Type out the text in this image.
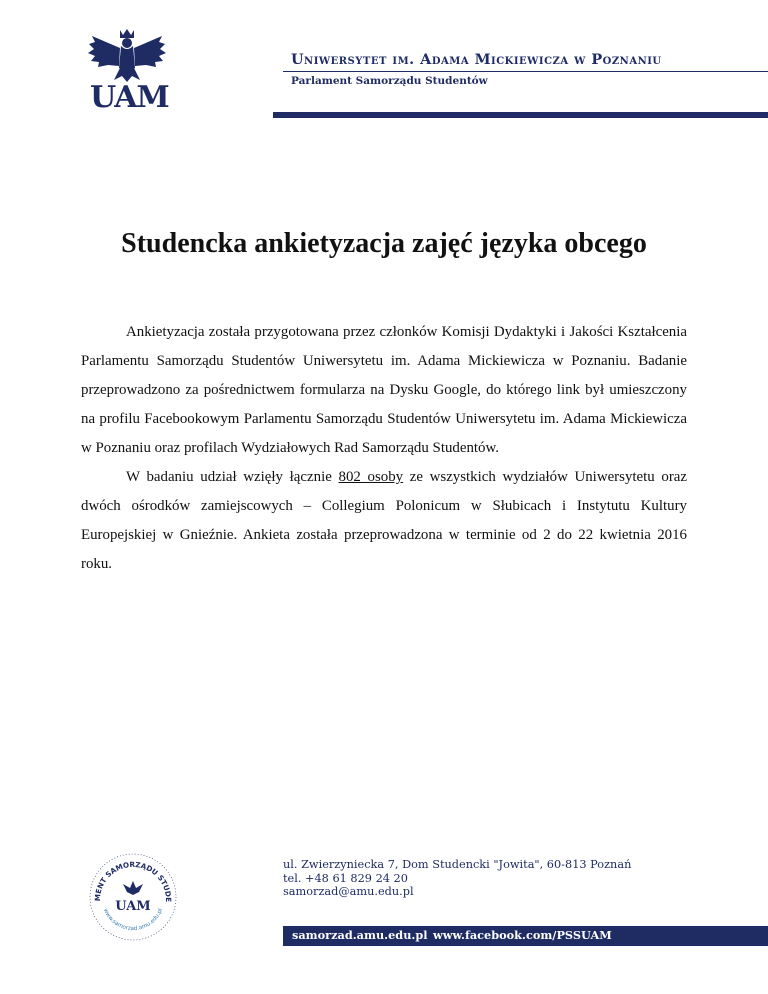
UAM
Uniwersytet im. Adama Mickiewicza w Poznaniu
Parlament Samorządu Studentów
Studencka ankietyzacja zajęć języka obcego

Ankietyzacja została przygotowana przez członków Komisji Dydaktyki i Jakości Kształcenia Parlamentu Samorządu Studentów Uniwersytetu im. Adama Mickiewicza w Poznaniu. Badanie przeprowadzono za pośrednictwem formularza na Dysku Google, do którego link był umieszczony na profilu Facebookowym Parlamentu Samorządu Studentów Uniwersytetu im. Adama Mickiewicza w Poznaniu oraz profilach Wydziałowych Rad Samorządu Studentów.

W badaniu udział wzięły łącznie 802 osoby ze wszystkich wydziałów Uniwersytetu oraz dwóch ośrodków zamiejscowych – Collegium Polonicum w Słubicach i Instytutu Kultury Europejskiej w Gnieźnie. Ankieta została przeprowadzona w terminie od 2 do 22 kwietnia 2016 roku.

MENT SAMORZĄDU STUDE
www.samorzad.amu.edu.pl
UAM
ul. Zwierzyniecka 7, Dom Studencki "Jowita", 60-813 Poznań
tel. +48 61 829 24 20
samorzad@amu.edu.pl
samorzad.amu.edu.pl www.facebook.com/PSSUAM
